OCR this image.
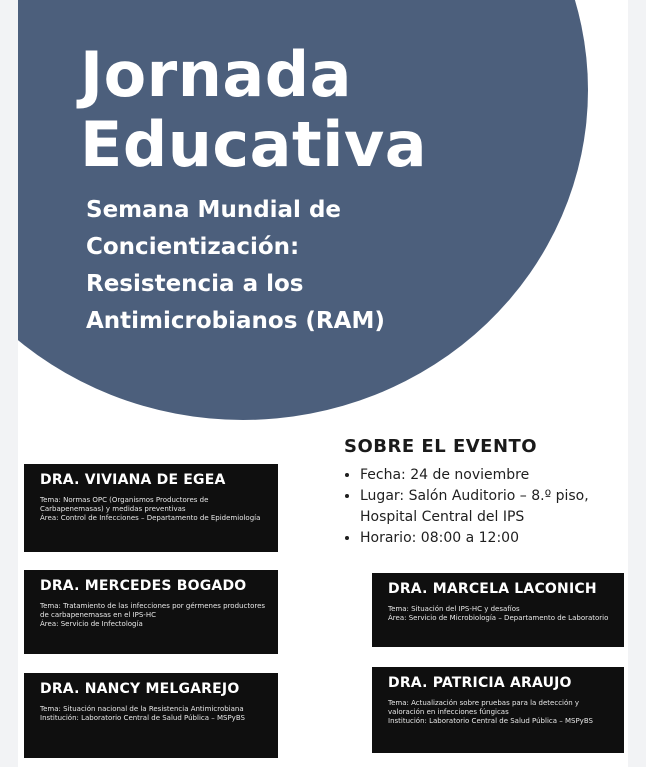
Jornada
Educativa

Semana Mundial de
Concientización:
Resistencia a los
Antimicrobianos (RAM)

SOBRE EL EVENTO
• Fecha: 24 de noviembre
• Lugar: Salón Auditorio – 8.º piso, Hospital Central del IPS
• Horario: 08:00 a 12:00

DRA. VIVIANA DE EGEA

Tema: Normas OPC (Organismos Productores de Carbapenemasas) y medidas preventivas

Área: Control de Infecciones – Departamento de Epidemiología

DRA. MERCEDES BOGADO

Tema: Tratamiento de las infecciones por gérmenes productores de carbapenemasas en el IPS-HC

Área: Servicio de Infectología

DRA. NANCY MELGAREJO

Tema: Situación nacional de la Resistencia Antimicrobiana

Institución: Laboratorio Central de Salud Pública – MSPyBS

DRA. MARCELA LACONICH

Tema: Situación del IPS-HC y desafíos

Área: Servicio de Microbiología – Departamento de Laboratorio

DRA. PATRICIA ARAUJO

Tema: Actualización sobre pruebas para la detección y valoración en infecciones fúngicas

Institución: Laboratorio Central de Salud Pública – MSPyBS
